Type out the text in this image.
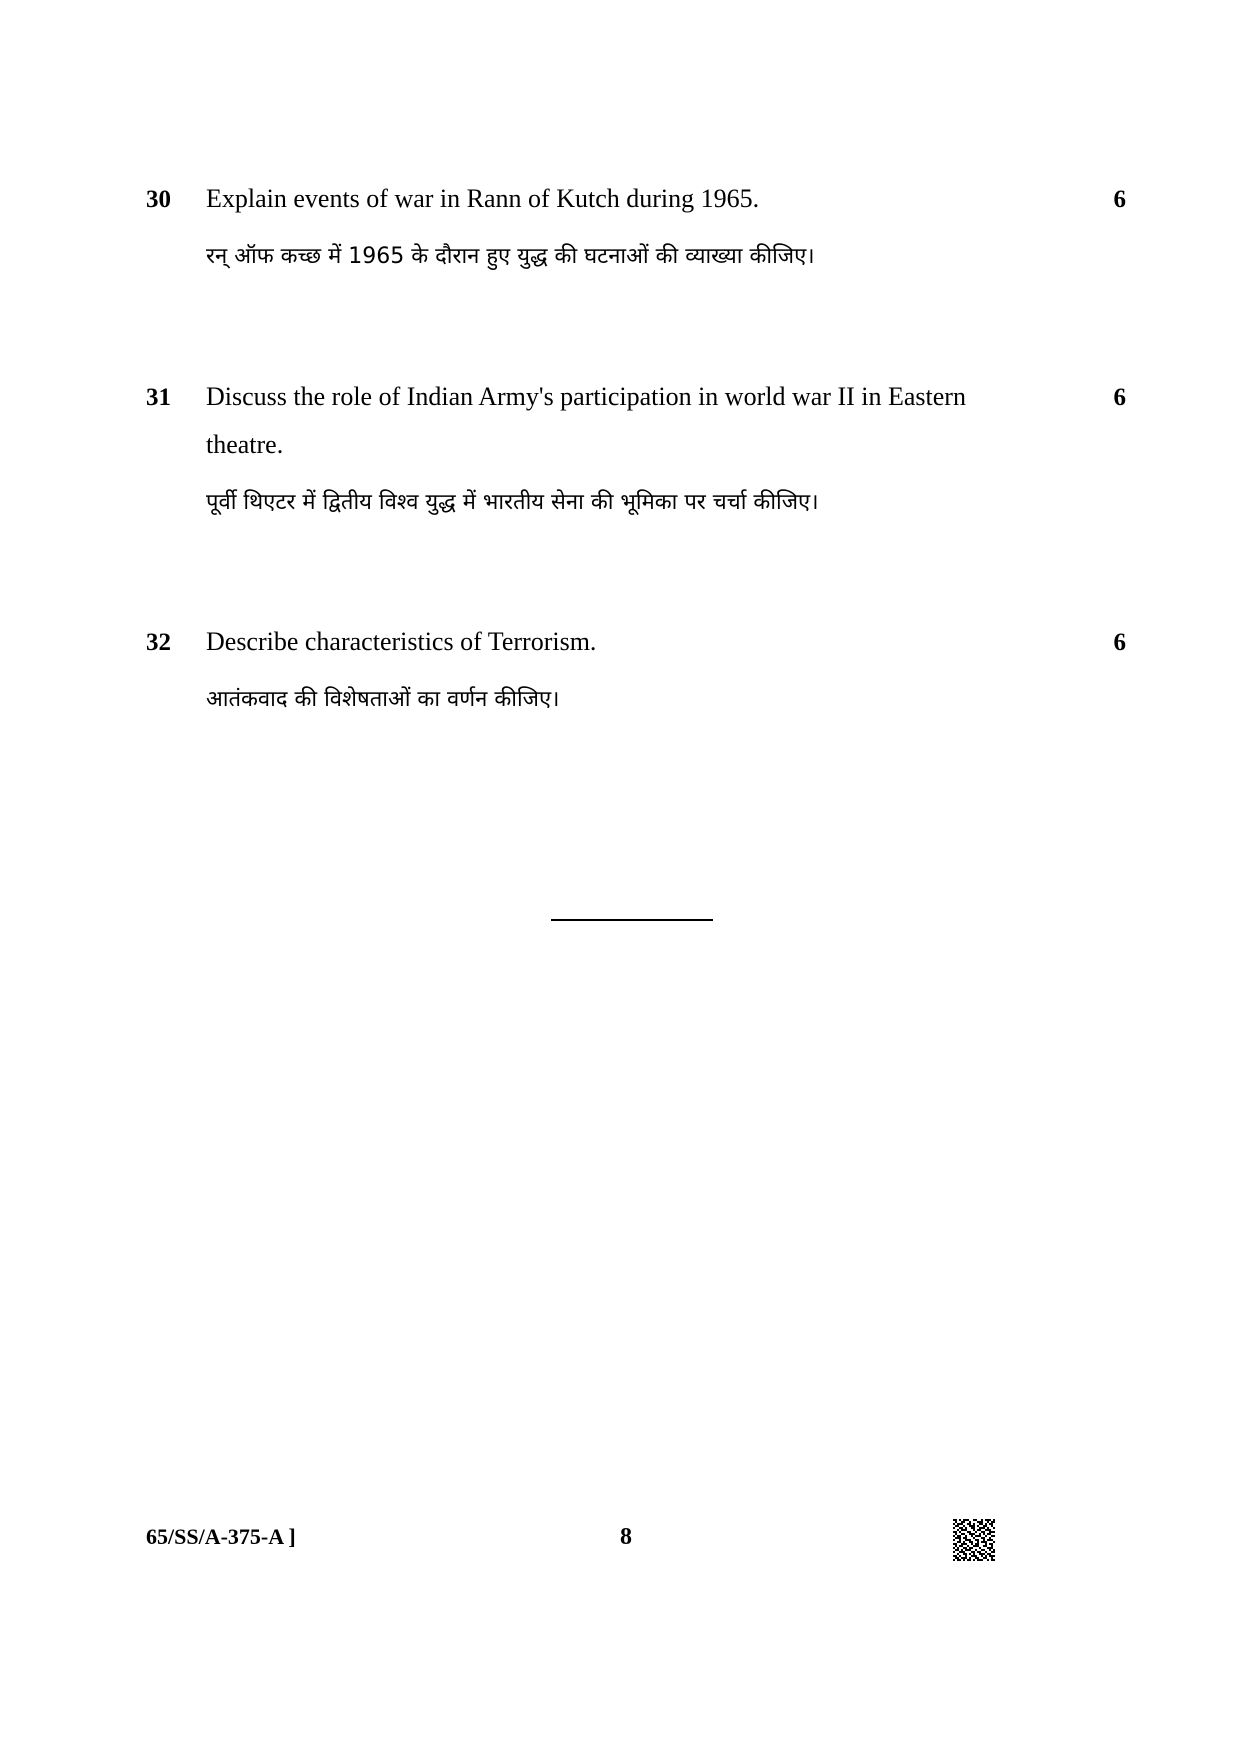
30	6
Explain events of war in Rann of Kutch during 1965.
रन् ऑफ कच्छ में 1965 के दौरान हुए युद्ध की घटनाओं की व्याख्या कीजिए।
31	6
Discuss the role of Indian Army's participation in world war II in Eastern theatre.
पूर्वी थिएटर में द्वितीय विश्व युद्ध में भारतीय सेना की भूमिका पर चर्चा कीजिए।
32	6
Describe characteristics of Terrorism.
आतंकवाद की विशेषताओं का वर्णन कीजिए।
65/SS/A-375-A ]	8
